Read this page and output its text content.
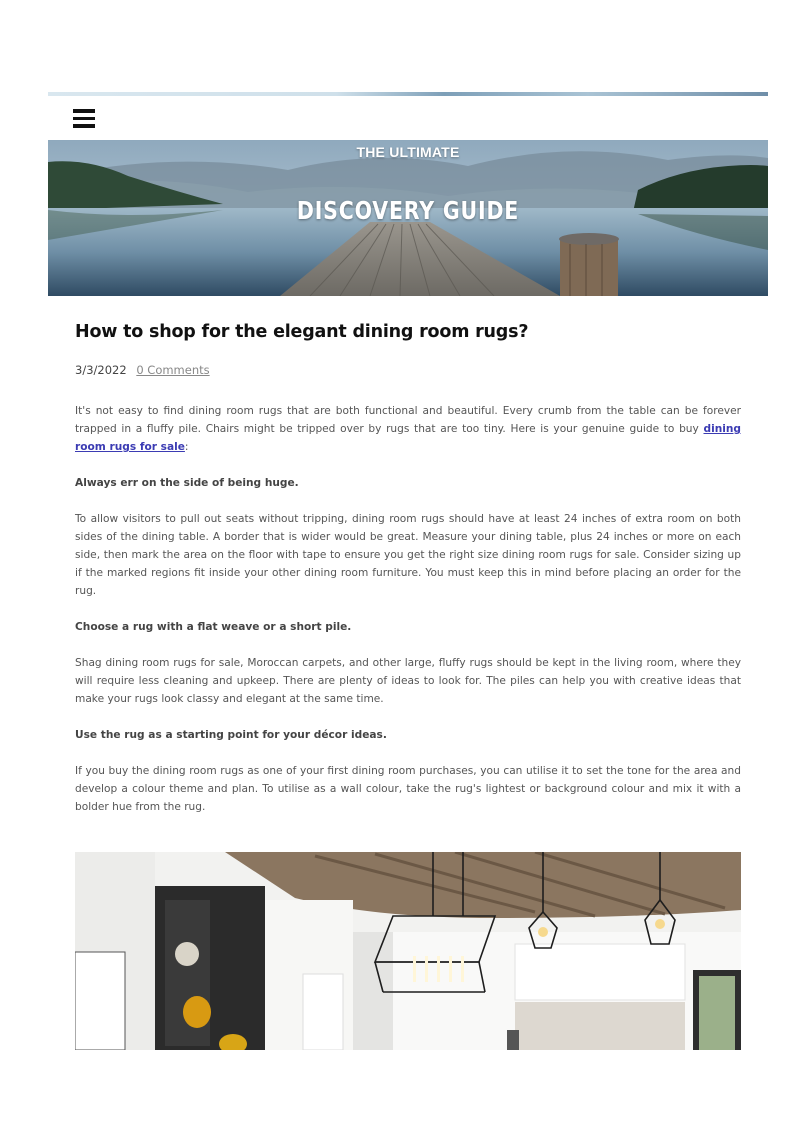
THE ULTIMATE
DISCOVERY GUIDE
How to shop for the elegant dining room rugs?
3/3/2022 0 Comments

It's not easy to find dining room rugs that are both functional and beautiful. Every crumb from the table can be forever trapped in a fluffy pile. Chairs might be tripped over by rugs that are too tiny. Here is your genuine guide to buy dining room rugs for sale:

Always err on the side of being huge.

To allow visitors to pull out seats without tripping, dining room rugs should have at least 24 inches of extra room on both sides of the dining table. A border that is wider would be great. Measure your dining table, plus 24 inches or more on each side, then mark the area on the floor with tape to ensure you get the right size dining room rugs for sale. Consider sizing up if the marked regions fit inside your other dining room furniture. You must keep this in mind before placing an order for the rug.

Choose a rug with a flat weave or a short pile.

Shag dining room rugs for sale, Moroccan carpets, and other large, fluffy rugs should be kept in the living room, where they will require less cleaning and upkeep. There are plenty of ideas to look for. The piles can help you with creative ideas that make your rugs look classy and elegant at the same time.

Use the rug as a starting point for your décor ideas.

If you buy the dining room rugs as one of your first dining room purchases, you can utilise it to set the tone for the area and develop a colour theme and plan. To utilise as a wall colour, take the rug's lightest or background colour and mix it with a bolder hue from the rug.
